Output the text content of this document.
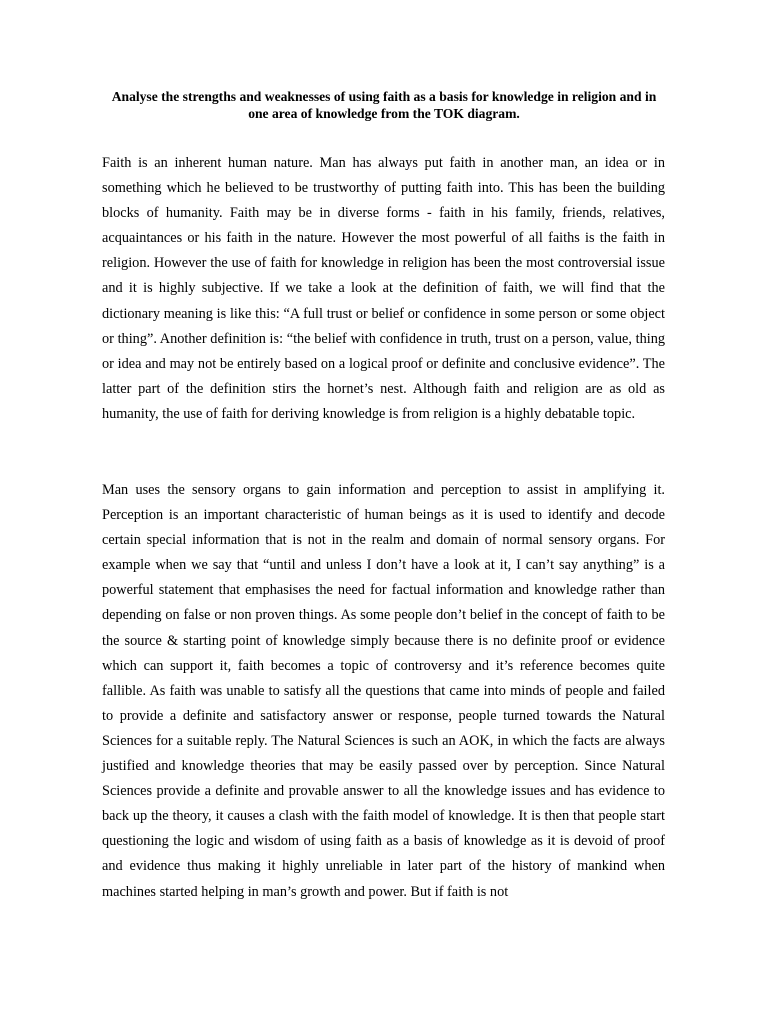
Analyse the strengths and weaknesses of using faith as a basis for knowledge in religion and in one area of knowledge from the TOK diagram.

Faith is an inherent human nature. Man has always put faith in another man, an idea or in something which he believed to be trustworthy of putting faith into. This has been the building blocks of humanity. Faith may be in diverse forms - faith in his family, friends, relatives, acquaintances or his faith in the nature. However the most powerful of all faiths is the faith in religion. However the use of faith for knowledge in religion has been the most controversial issue and it is highly subjective. If we take a look at the definition of faith, we will find that the dictionary meaning is like this: “A full trust or belief or confidence in some person or some object or thing”. Another definition is: “the belief with confidence in truth, trust on a person, value, thing or idea and may not be entirely based on a logical proof or definite and conclusive evidence”. The latter part of the definition stirs the hornet’s nest. Although faith and religion are as old as humanity, the use of faith for deriving knowledge is from religion is a highly debatable topic.

Man uses the sensory organs to gain information and perception to assist in amplifying it. Perception is an important characteristic of human beings as it is used to identify and decode certain special information that is not in the realm and domain of normal sensory organs. For example when we say that “until and unless I don’t have a look at it, I can’t say anything” is a powerful statement that emphasises the need for factual information and knowledge rather than depending on false or non proven things. As some people don’t belief in the concept of faith to be the source & starting point of knowledge simply because there is no definite proof or evidence which can support it, faith becomes a topic of controversy and it’s reference becomes quite fallible. As faith was unable to satisfy all the questions that came into minds of people and failed to provide a definite and satisfactory answer or response, people turned towards the Natural Sciences for a suitable reply. The Natural Sciences is such an AOK, in which the facts are always justified and knowledge theories that may be easily passed over by perception. Since Natural Sciences provide a definite and provable answer to all the knowledge issues and has evidence to back up the theory, it causes a clash with the faith model of knowledge. It is then that people start questioning the logic and wisdom of using faith as a basis of knowledge as it is devoid of proof and evidence thus making it highly unreliable in later part of the history of mankind when machines started helping in man’s growth and power. But if faith is not
